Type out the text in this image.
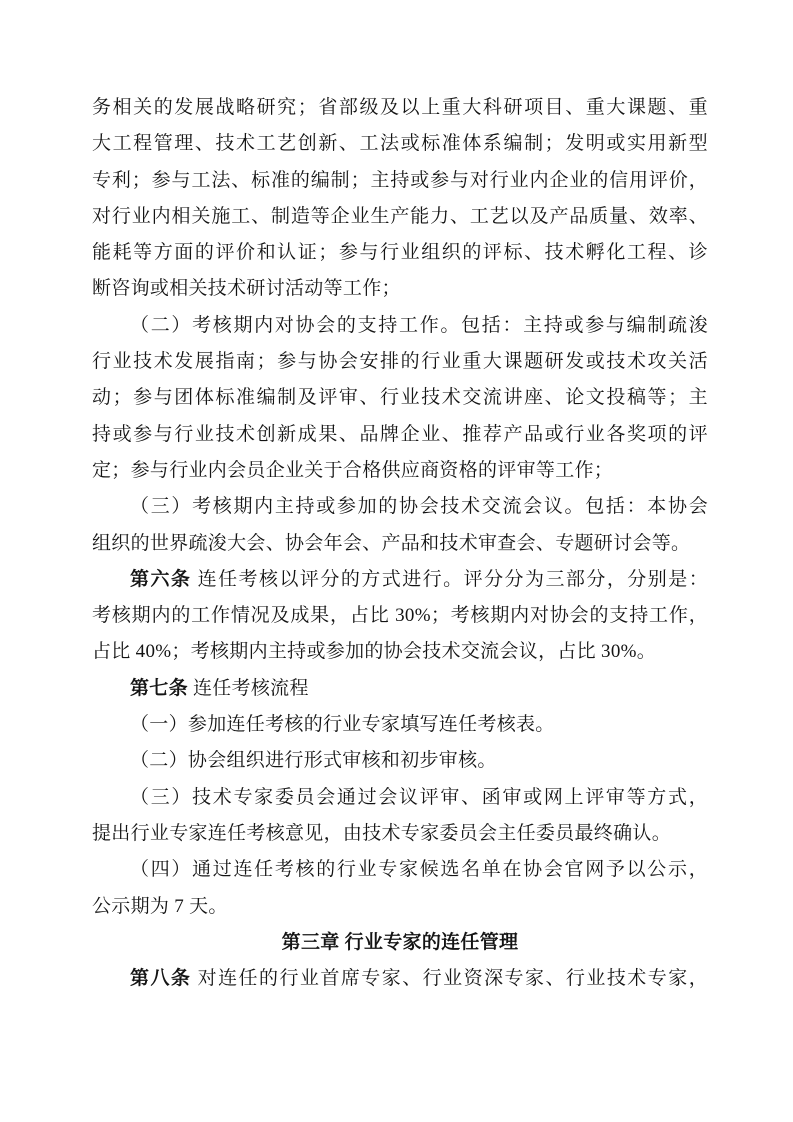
务相关的发展战略研究；省部级及以上重大科研项目、重大课题、重
大工程管理、技术工艺创新、工法或标准体系编制；发明或实用新型
专利；参与工法、标准的编制；主持或参与对行业内企业的信用评价，
对行业内相关施工、制造等企业生产能力、工艺以及产品质量、效率、
能耗等方面的评价和认证；参与行业组织的评标、技术孵化工程、诊
断咨询或相关技术研讨活动等工作；
（二）考核期内对协会的支持工作。包括：主持或参与编制疏浚
行业技术发展指南；参与协会安排的行业重大课题研发或技术攻关活
动；参与团体标准编制及评审、行业技术交流讲座、论文投稿等；主
持或参与行业技术创新成果、品牌企业、推荐产品或行业各奖项的评
定；参与行业内会员企业关于合格供应商资格的评审等工作；
（三）考核期内主持或参加的协会技术交流会议。包括：本协会
组织的世界疏浚大会、协会年会、产品和技术审查会、专题研讨会等。
第六条 连任考核以评分的方式进行。评分分为三部分，分别是：
考核期内的工作情况及成果，占比 30%；考核期内对协会的支持工作，
占比 40%；考核期内主持或参加的协会技术交流会议，占比 30%。
第七条 连任考核流程
（一）参加连任考核的行业专家填写连任考核表。
（二）协会组织进行形式审核和初步审核。
（三）技术专家委员会通过会议评审、函审或网上评审等方式，
提出行业专家连任考核意见，由技术专家委员会主任委员最终确认。
（四）通过连任考核的行业专家候选名单在协会官网予以公示，
公示期为 7 天。
第三章 行业专家的连任管理
第八条 对连任的行业首席专家、行业资深专家、行业技术专家，
